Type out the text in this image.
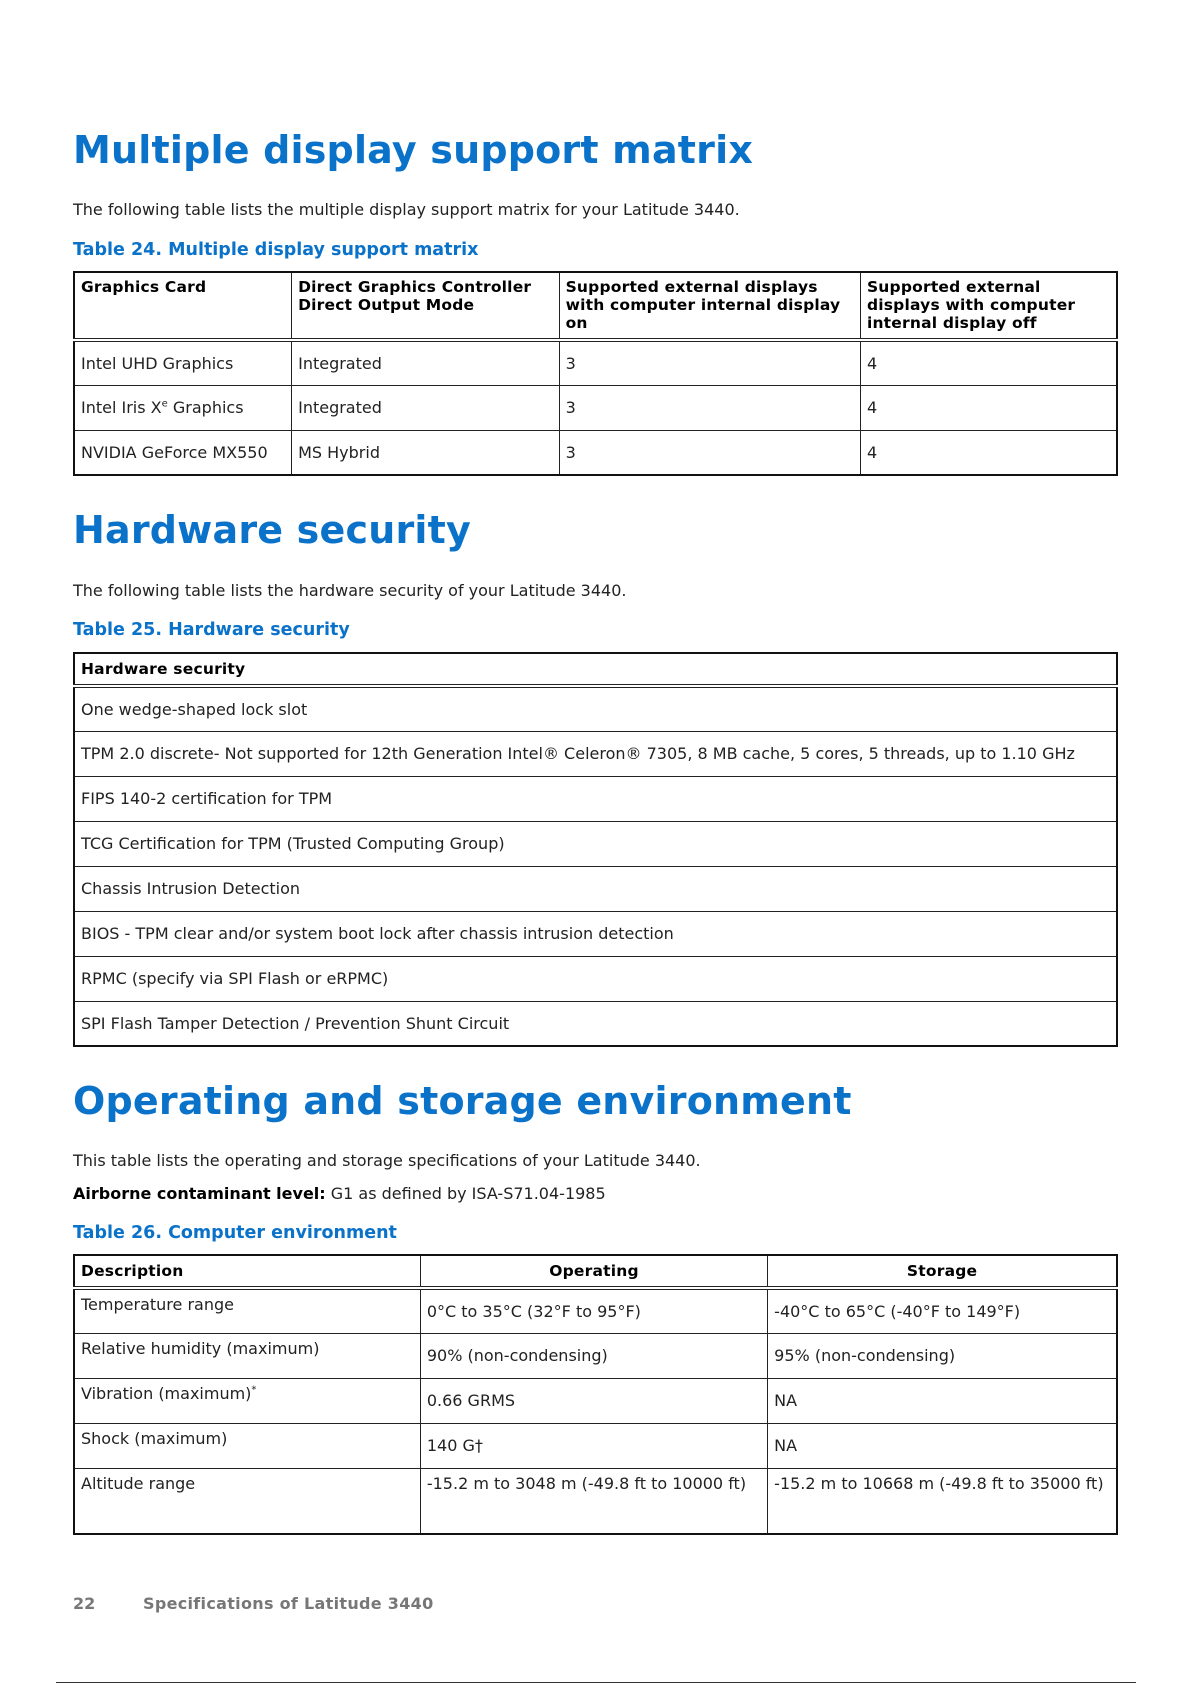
Multiple display support matrix

The following table lists the multiple display support matrix for your Latitude 3440.

Table 24. Multiple display support matrix

Graphics Card	Direct Graphics Controller Direct Output Mode	Supported external displays with computer internal display on	Supported external displays with computer internal display off
Intel UHD Graphics	Integrated	3	4
Intel Iris Xe Graphics	Integrated	3	4
NVIDIA GeForce MX550	MS Hybrid	3	4
Hardware security

The following table lists the hardware security of your Latitude 3440.

Table 25. Hardware security

Hardware security
One wedge-shaped lock slot
TPM 2.0 discrete- Not supported for 12th Generation Intel® Celeron® 7305, 8 MB cache, 5 cores, 5 threads, up to 1.10 GHz
FIPS 140-2 certification for TPM
TCG Certification for TPM (Trusted Computing Group)
Chassis Intrusion Detection
BIOS - TPM clear and/or system boot lock after chassis intrusion detection
RPMC (specify via SPI Flash or eRPMC)
SPI Flash Tamper Detection / Prevention Shunt Circuit
Operating and storage environment

This table lists the operating and storage specifications of your Latitude 3440.

Airborne contaminant level: G1 as defined by ISA-S71.04-1985

Table 26. Computer environment

Description	Operating	Storage
Temperature range	0°C to 35°C (32°F to 95°F)	-40°C to 65°C (-40°F to 149°F)
Relative humidity (maximum)	90% (non-condensing)	95% (non-condensing)
Vibration (maximum)*	0.66 GRMS	NA
Shock (maximum)	140 G†	NA
Altitude range	-15.2 m to 3048 m (-49.8 ft to 10000 ft)	-15.2 m to 10668 m (-49.8 ft to 35000 ft)
22	Specifications of Latitude 3440
